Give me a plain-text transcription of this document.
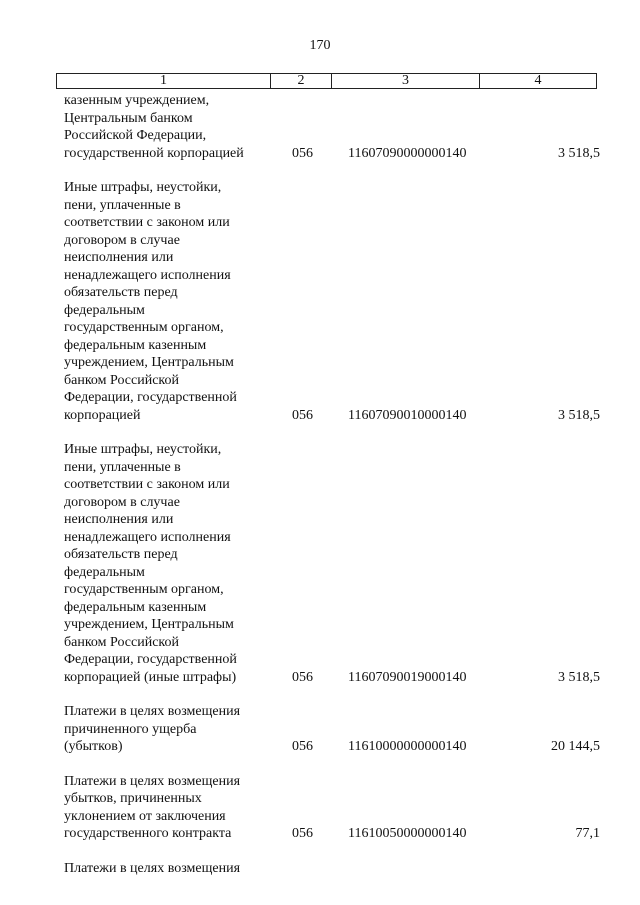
170
1	2	3	4
казенным учреждением,
Центральным банком
Российской Федерации,
государственной корпорацией	056	11607090000000140	3 518,5
Иные штрафы, неустойки,
пени, уплаченные в
соответствии с законом или
договором в случае
неисполнения или
ненадлежащего исполнения
обязательств перед
федеральным
государственным органом,
федеральным казенным
учреждением, Центральным
банком Российской
Федерации, государственной
корпорацией	056	11607090010000140	3 518,5
Иные штрафы, неустойки,
пени, уплаченные в
соответствии с законом или
договором в случае
неисполнения или
ненадлежащего исполнения
обязательств перед
федеральным
государственным органом,
федеральным казенным
учреждением, Центральным
банком Российской
Федерации, государственной
корпорацией (иные штрафы)	056	11607090019000140	3 518,5
Платежи в целях возмещения
причиненного ущерба
(убытков)	056	11610000000000140	20 144,5
Платежи в целях возмещения
убытков, причиненных
уклонением от заключения
государственного контракта	056	11610050000000140	77,1
Платежи в целях возмещения
